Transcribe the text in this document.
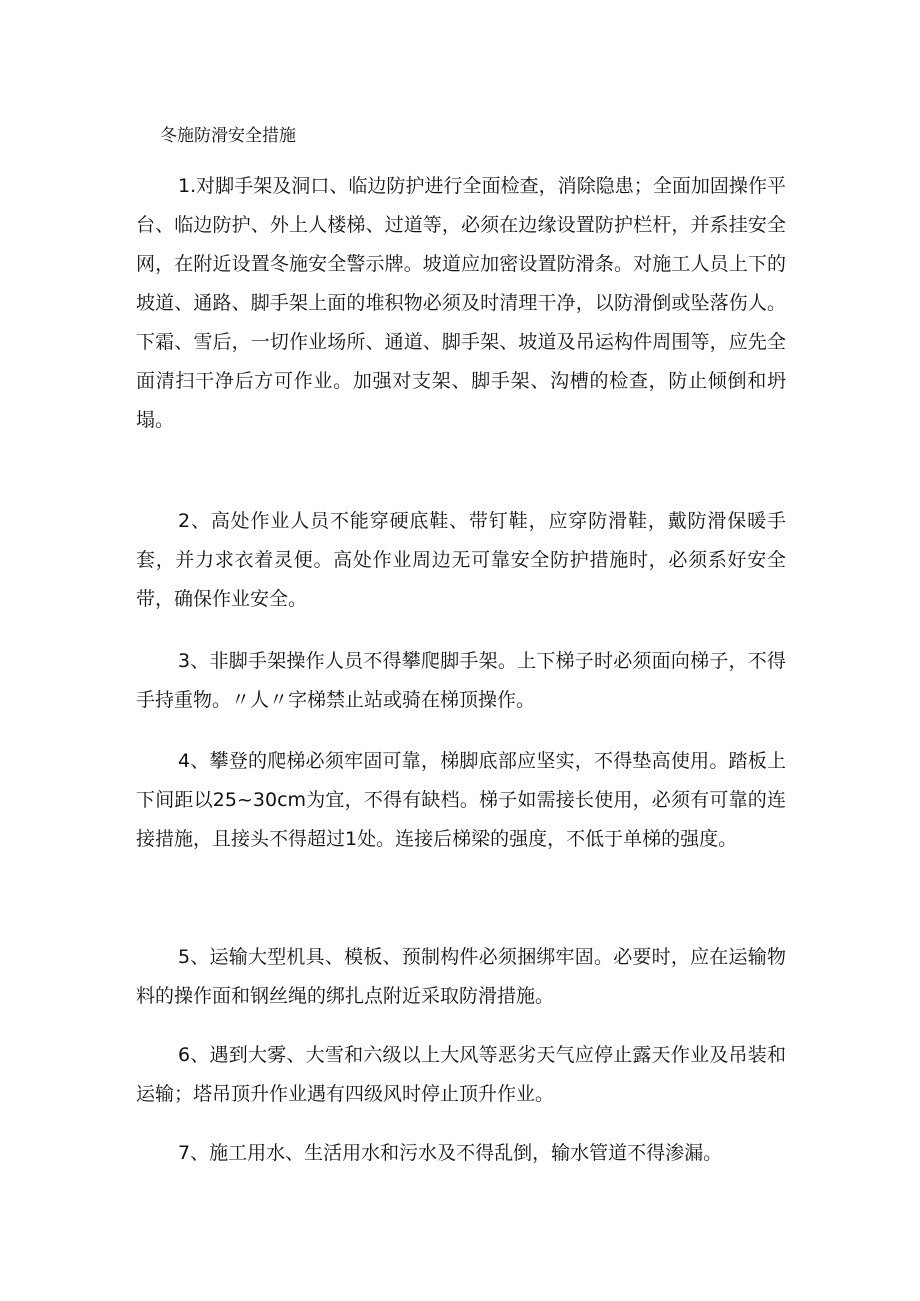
冬施防滑安全措施
1.对脚手架及洞口、临边防护进行全面检查，消除隐患；全面加固操作平台、临边防护、外上人楼梯、过道等，必须在边缘设置防护栏杆，并系挂安全网，在附近设置冬施安全警示牌。坡道应加密设置防滑条。对施工人员上下的坡道、通路、脚手架上面的堆积物必须及时清理干净，以防滑倒或坠落伤人。下霜、雪后，一切作业场所、通道、脚手架、坡道及吊运构件周围等，应先全面清扫干净后方可作业。加强对支架、脚手架、沟槽的检查，防止倾倒和坍塌。
2、高处作业人员不能穿硬底鞋、带钉鞋，应穿防滑鞋，戴防滑保暖手套，并力求衣着灵便。高处作业周边无可靠安全防护措施时，必须系好安全带，确保作业安全。
3、非脚手架操作人员不得攀爬脚手架。上下梯子时必须面向梯子，不得手持重物。〃人〃字梯禁止站或骑在梯顶操作。
4、攀登的爬梯必须牢固可靠，梯脚底部应坚实，不得垫高使用。踏板上下间距以25~30cm为宜，不得有缺档。梯子如需接长使用，必须有可靠的连接措施，且接头不得超过1处。连接后梯梁的强度，不低于单梯的强度。
5、运输大型机具、模板、预制构件必须捆绑牢固。必要时，应在运输物料的操作面和钢丝绳的绑扎点附近采取防滑措施。
6、遇到大雾、大雪和六级以上大风等恶劣天气应停止露天作业及吊装和运输；塔吊顶升作业遇有四级风时停止顶升作业。
7、施工用水、生活用水和污水及不得乱倒，输水管道不得渗漏。
